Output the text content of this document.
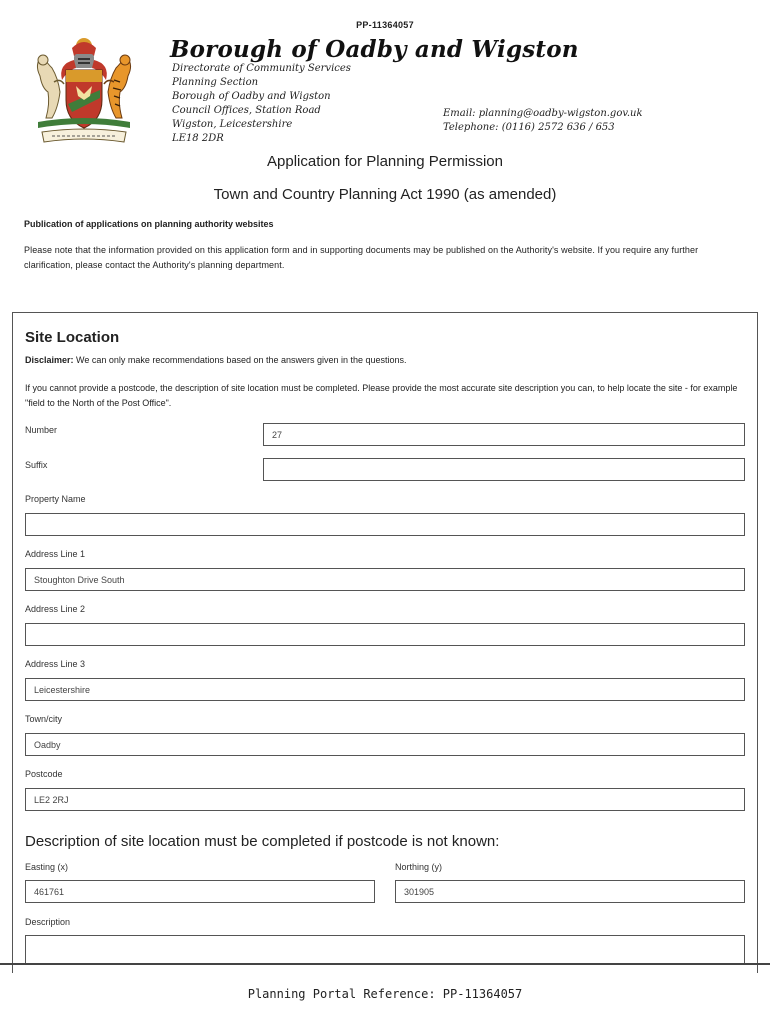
PP-11364057
Borough of Oadby and Wigston
Directorate of Community Services
Planning Section
Borough of Oadby and Wigston
Council Offices, Station Road
Wigston, Leicestershire
LE18 2DR
Email: planning@oadby-wigston.gov.uk
Telephone: (0116) 2572 636 / 653
Application for Planning Permission
Town and Country Planning Act 1990 (as amended)
Publication of applications on planning authority websites
Please note that the information provided on this application form and in supporting documents may be published on the Authority's website. If you require any further clarification, please contact the Authority's planning department.
Site Location
Disclaimer: We can only make recommendations based on the answers given in the questions.
If you cannot provide a postcode, the description of site location must be completed. Please provide the most accurate site description you can, to help locate the site - for example "field to the North of the Post Office".
Number	27
Suffix
Property Name
Address Line 1
Stoughton Drive South
Address Line 2
Address Line 3
Leicestershire
Town/city
Oadby
Postcode
LE2 2RJ
Description of site location must be completed if postcode is not known:
Easting (x)
461761
Northing (y)
301905
Description
Planning Portal Reference: PP-11364057
